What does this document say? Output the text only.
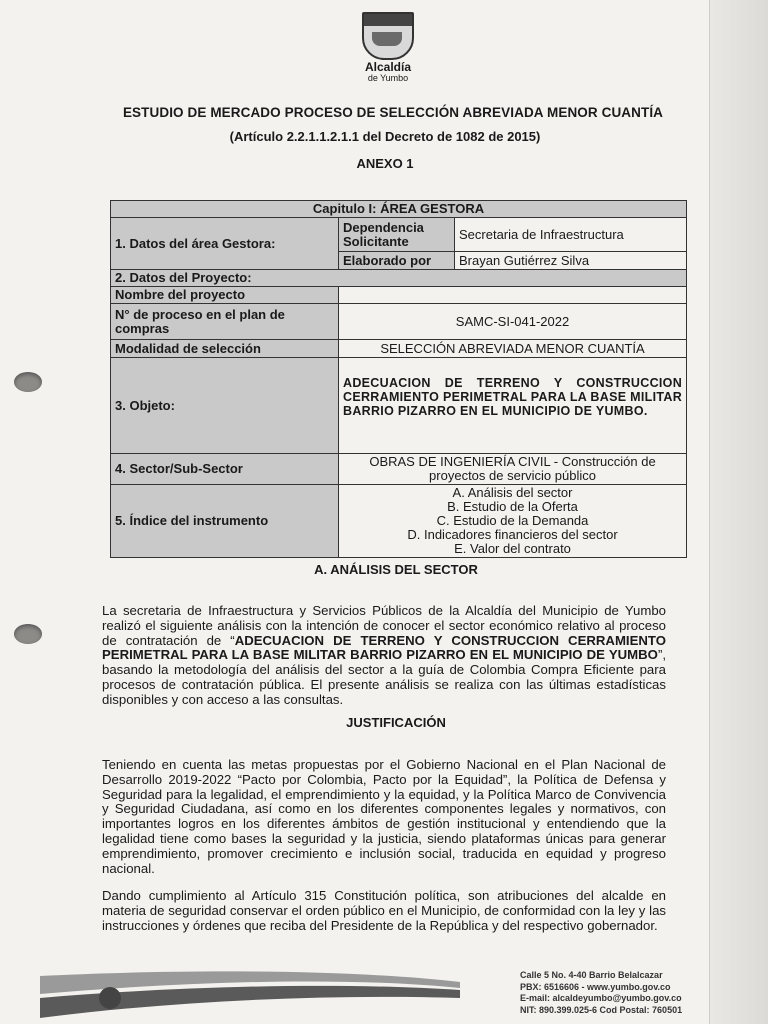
Alcaldía
de Yumbo
ESTUDIO DE MERCADO PROCESO DE SELECCIÓN ABREVIADA MENOR CUANTÍA
(Artículo 2.2.1.1.2.1.1 del Decreto de 1082 de 2015)
ANEXO 1
Capitulo I: ÁREA GESTORA		
1. Datos del área Gestora:	Dependencia Solicitante	Secretaria de Infraestructura
	Elaborado por	Brayan Gutiérrez Silva
2. Datos del Proyecto:		
Nombre del proyecto		
N° de proceso en el plan de compras	SAMC-SI-041-2022	
Modalidad de selección	SELECCIÓN ABREVIADA MENOR CUANTÍA	
3. Objeto:	ADECUACION DE TERRENO Y CONSTRUCCION CERRAMIENTO PERIMETRAL PARA LA BASE MILITAR BARRIO PIZARRO EN EL MUNICIPIO DE YUMBO.	
4. Sector/Sub-Sector	OBRAS DE INGENIERÍA CIVIL - Construcción de proyectos de servicio público	
5. Índice del instrumento	A. Análisis del sector
B. Estudio de la Oferta
C. Estudio de la Demanda
D. Indicadores financieros del sector
E. Valor del contrato	
A. ANÁLISIS DEL SECTOR
La secretaria de Infraestructura y Servicios Públicos de la Alcaldía del Municipio de Yumbo realizó el siguiente análisis con la intención de conocer el sector económico relativo al proceso de contratación de “ADECUACION DE TERRENO Y CONSTRUCCION CERRAMIENTO PERIMETRAL PARA LA BASE MILITAR BARRIO PIZARRO EN EL MUNICIPIO DE YUMBO”, basando la metodología del análisis del sector a la guía de Colombia Compra Eficiente para procesos de contratación pública. El presente análisis se realiza con las últimas estadísticas disponibles y con acceso a las consultas.
JUSTIFICACIÓN
Teniendo en cuenta las metas propuestas por el Gobierno Nacional en el Plan Nacional de Desarrollo 2019-2022 “Pacto por Colombia, Pacto por la Equidad”, la Política de Defensa y Seguridad para la legalidad, el emprendimiento y la equidad, y la Política Marco de Convivencia y Seguridad Ciudadana, así como en los diferentes componentes legales y normativos, con importantes logros en los diferentes ámbitos de gestión institucional y entendiendo que la legalidad tiene como bases la seguridad y la justicia, siendo plataformas únicas para generar emprendimiento, promover crecimiento e inclusión social, traducida en equidad y progreso nacional.
Dando cumplimiento al Artículo 315 Constitución política, son atribuciones del alcalde en materia de seguridad conservar el orden público en el Municipio, de conformidad con la ley y las instrucciones y órdenes que reciba del Presidente de la República y del respectivo gobernador.
Calle 5 No. 4-40 Barrio Belalcazar
PBX: 6516606 - www.yumbo.gov.co
E-mail: alcaldeyumbo@yumbo.gov.co
NIT: 890.399.025-6 Cod Postal: 760501
